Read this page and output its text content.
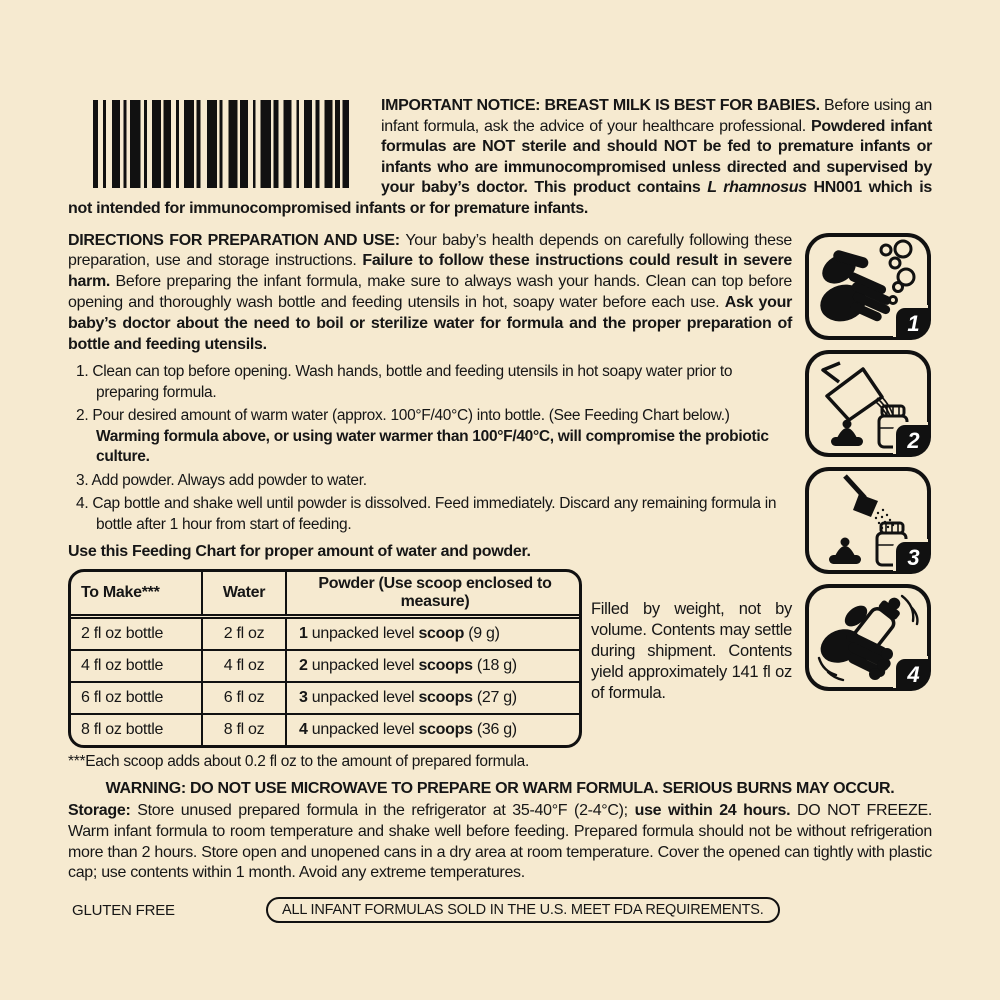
IMPORTANT NOTICE: BREAST MILK IS BEST FOR BABIES. Before using an infant formula, ask the advice of your healthcare professional. Powdered infant formulas are NOT sterile and should NOT be fed to premature infants or infants who are immunocompromised unless directed and supervised by your baby’s doctor. This product contains L rhamnosus HN001 which is not intended for immunocompromised infants or for premature infants.
DIRECTIONS FOR PREPARATION AND USE: Your baby’s health depends on carefully following these preparation, use and storage instructions. Failure to follow these instructions could result in severe harm. Before preparing the infant formula, make sure to always wash your hands. Clean can top before opening and thoroughly wash bottle and feeding utensils in hot, soapy water before each use. Ask your baby’s doctor about the need to boil or sterilize water for formula and the proper preparation of bottle and feeding utensils.
1. Clean can top before opening. Wash hands, bottle and feeding utensils in hot soapy water prior to preparing formula.
2. Pour desired amount of warm water (approx. 100°F/40°C) into bottle. (See Feeding Chart below.) Warming formula above, or using water warmer than 100°F/40°C, will compromise the probiotic culture.
3. Add powder. Always add powder to water.
4. Cap bottle and shake well until powder is dissolved. Feed immediately. Discard any remaining formula in bottle after 1 hour from start of feeding.
Use this Feeding Chart for proper amount of water and powder.
To Make***	Water	Powder (Use scoop enclosed to measure)
2 fl oz bottle	2 fl oz	1 unpacked level scoop (9 g)
4 fl oz bottle	4 fl oz	2 unpacked level scoops (18 g)
6 fl oz bottle	6 fl oz	3 unpacked level scoops (27 g)
8 fl oz bottle	8 fl oz	4 unpacked level scoops (36 g)
Filled by weight, not by volume. Contents may settle during shipment. Contents yield approximately 141 fl oz of formula.
***Each scoop adds about 0.2 fl oz to the amount of prepared formula.
WARNING: DO NOT USE MICROWAVE TO PREPARE OR WARM FORMULA. SERIOUS BURNS MAY OCCUR.
Storage: Store unused prepared formula in the refrigerator at 35-40°F (2-4°C); use within 24 hours. DO NOT FREEZE. Warm infant formula to room temperature and shake well before feeding. Prepared formula should not be without refrigeration more than 2 hours. Store open and unopened cans in a dry area at room temperature. Cover the opened can tightly with plastic cap; use contents within 1 month. Avoid any extreme temperatures.
GLUTEN FREE	ALL INFANT FORMULAS SOLD IN THE U.S. MEET FDA REQUIREMENTS.
1
2
3
4
